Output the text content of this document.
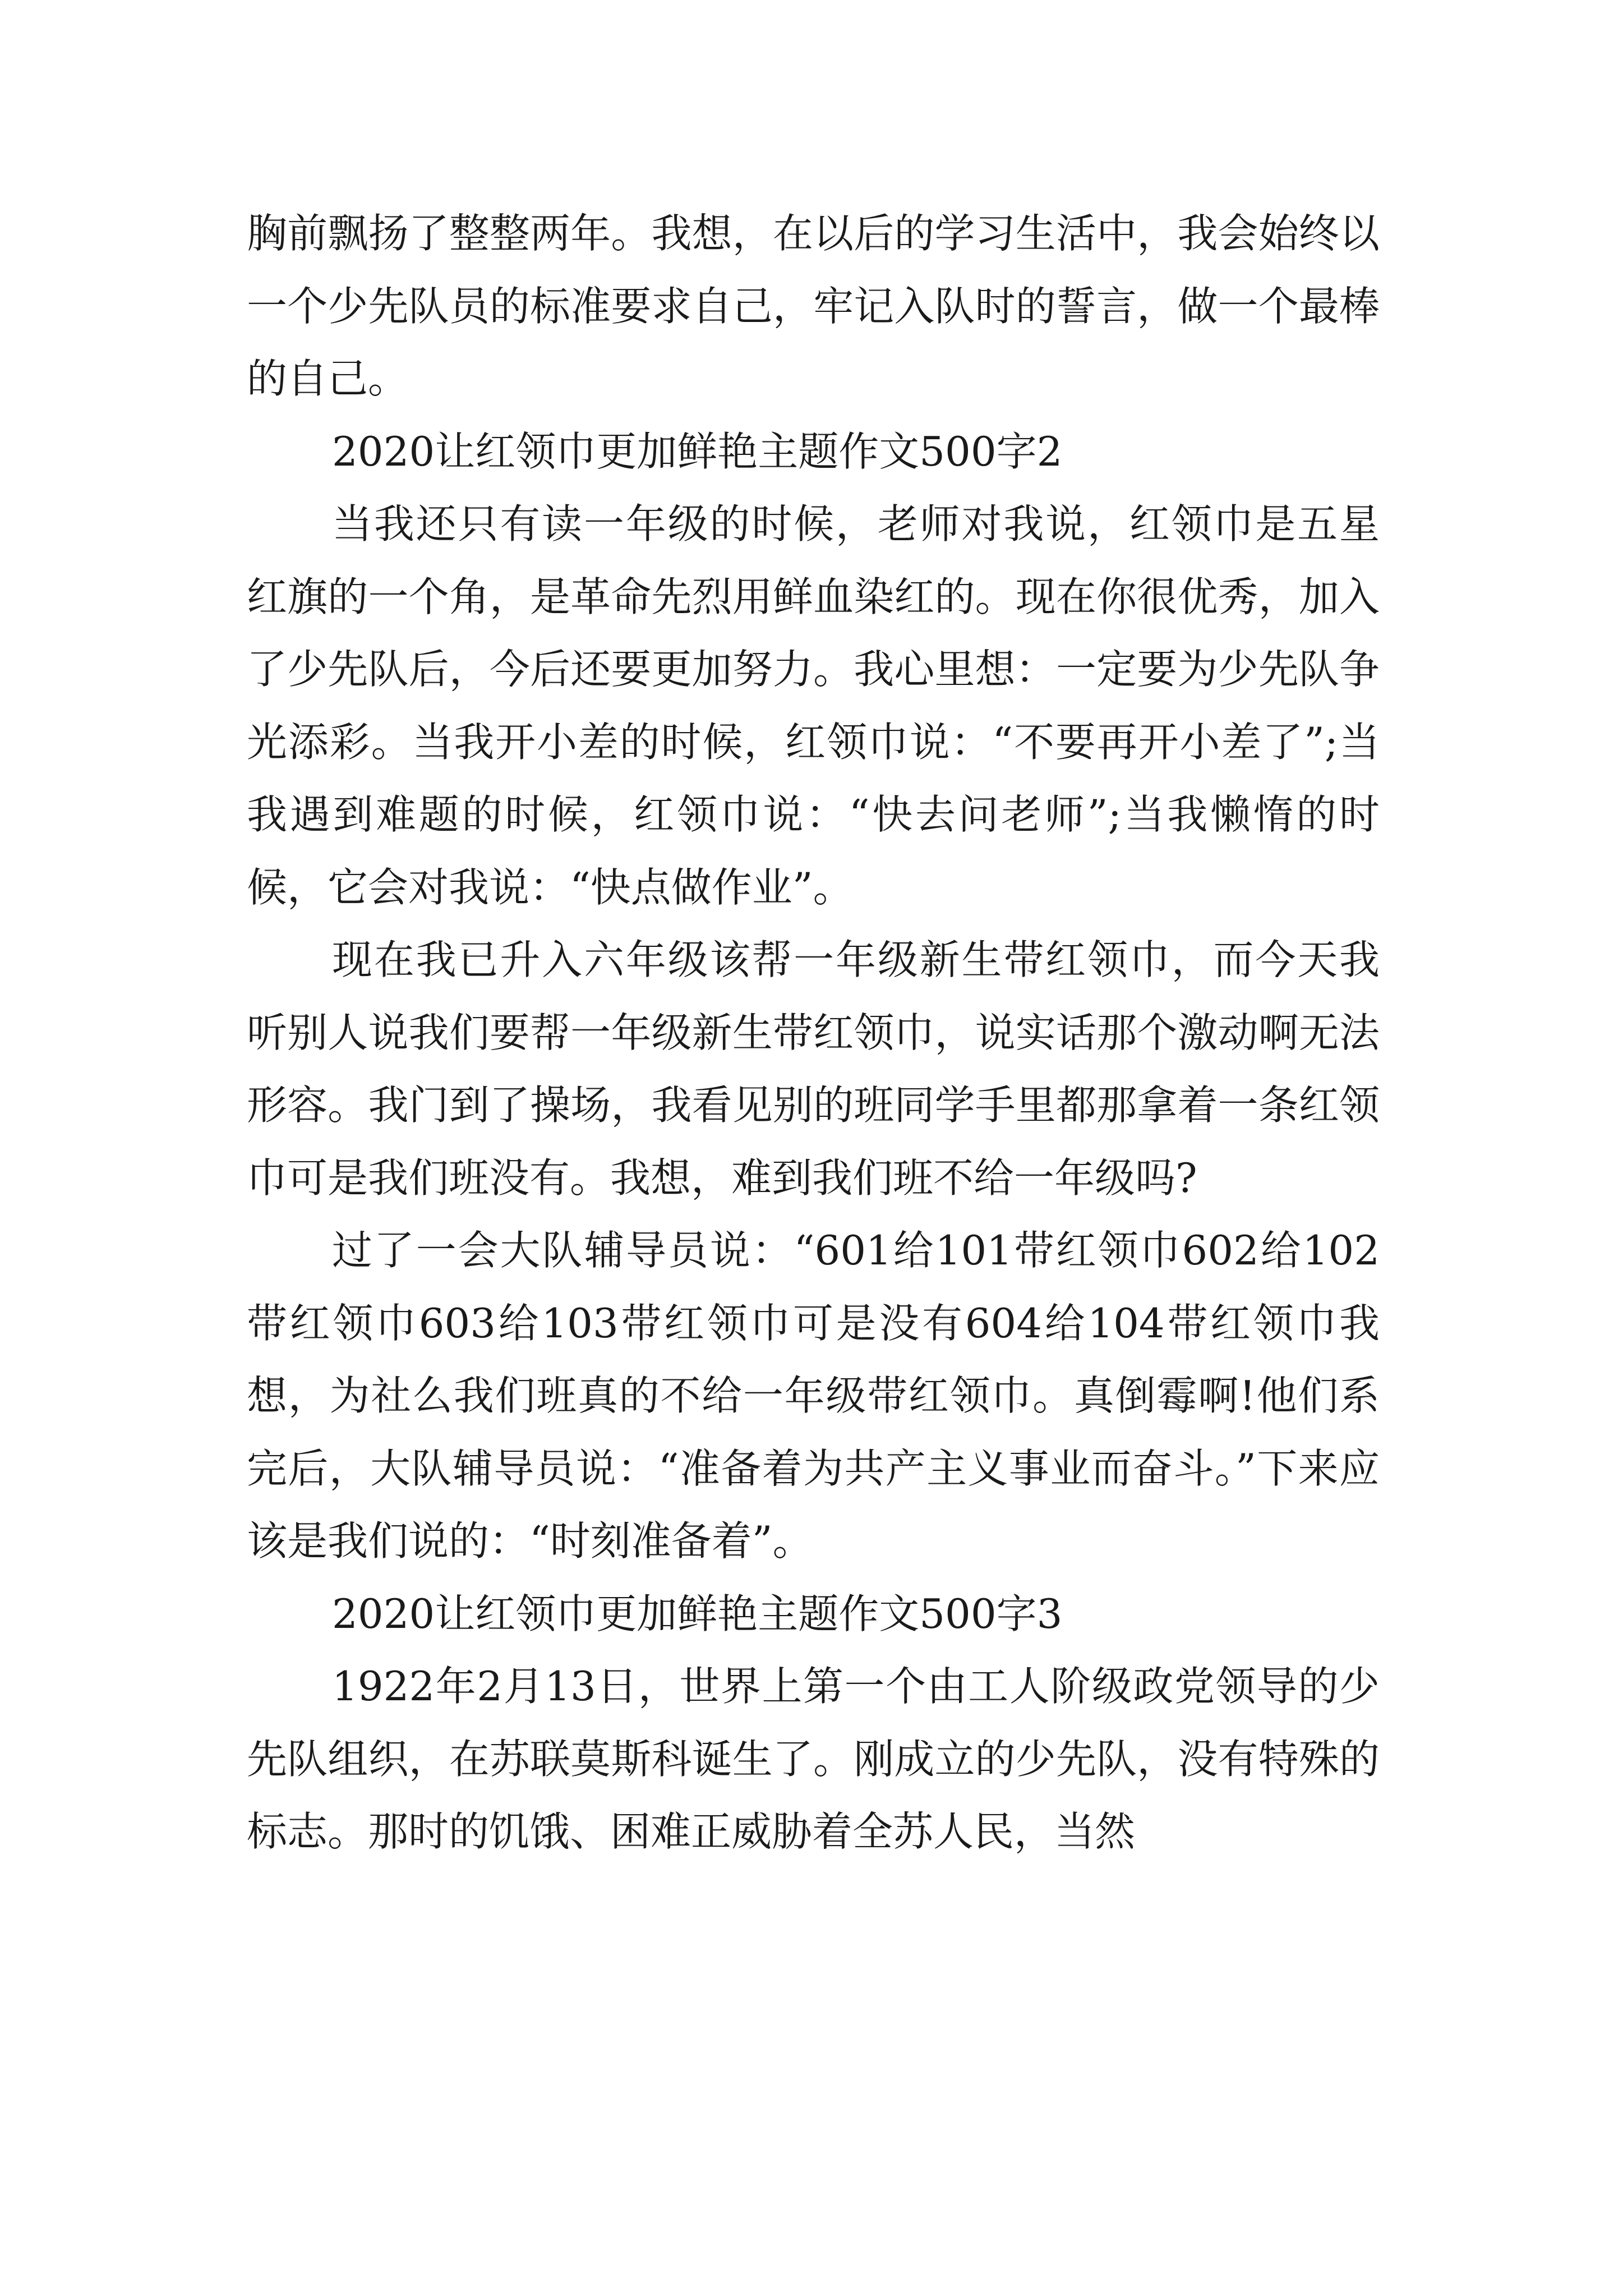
胸前飘扬了整整两年。我想，在以后的学习生活中，我会始终以一个少先队员的标准要求自己，牢记入队时的誓言，做一个最棒的自己。

2020让红领巾更加鲜艳主题作文500字2

当我还只有读一年级的时候，老师对我说，红领巾是五星红旗的一个角，是革命先烈用鲜血染红的。现在你很优秀，加入了少先队后，今后还要更加努力。我心里想：一定要为少先队争光添彩。当我开小差的时候，红领巾说：“不要再开小差了”;当我遇到难题的时候，红领巾说：“快去问老师”;当我懒惰的时候，它会对我说：“快点做作业”。

现在我已升入六年级该帮一年级新生带红领巾，而今天我听别人说我们要帮一年级新生带红领巾，说实话那个激动啊无法形容。我门到了操场，我看见别的班同学手里都那拿着一条红领巾可是我们班没有。我想，难到我们班不给一年级吗?

过了一会大队辅导员说：“601给101带红领巾602给102带红领巾603给103带红领巾可是没有604给104带红领巾我想，为社么我们班真的不给一年级带红领巾。真倒霉啊!他们系完后，大队辅导员说：“准备着为共产主义事业而奋斗。”下来应该是我们说的：“时刻准备着”。

2020让红领巾更加鲜艳主题作文500字3

1922年2月13日，世界上第一个由工人阶级政党领导的少先队组织，在苏联莫斯科诞生了。刚成立的少先队，没有特殊的标志。那时的饥饿、困难正威胁着全苏人民，当然
